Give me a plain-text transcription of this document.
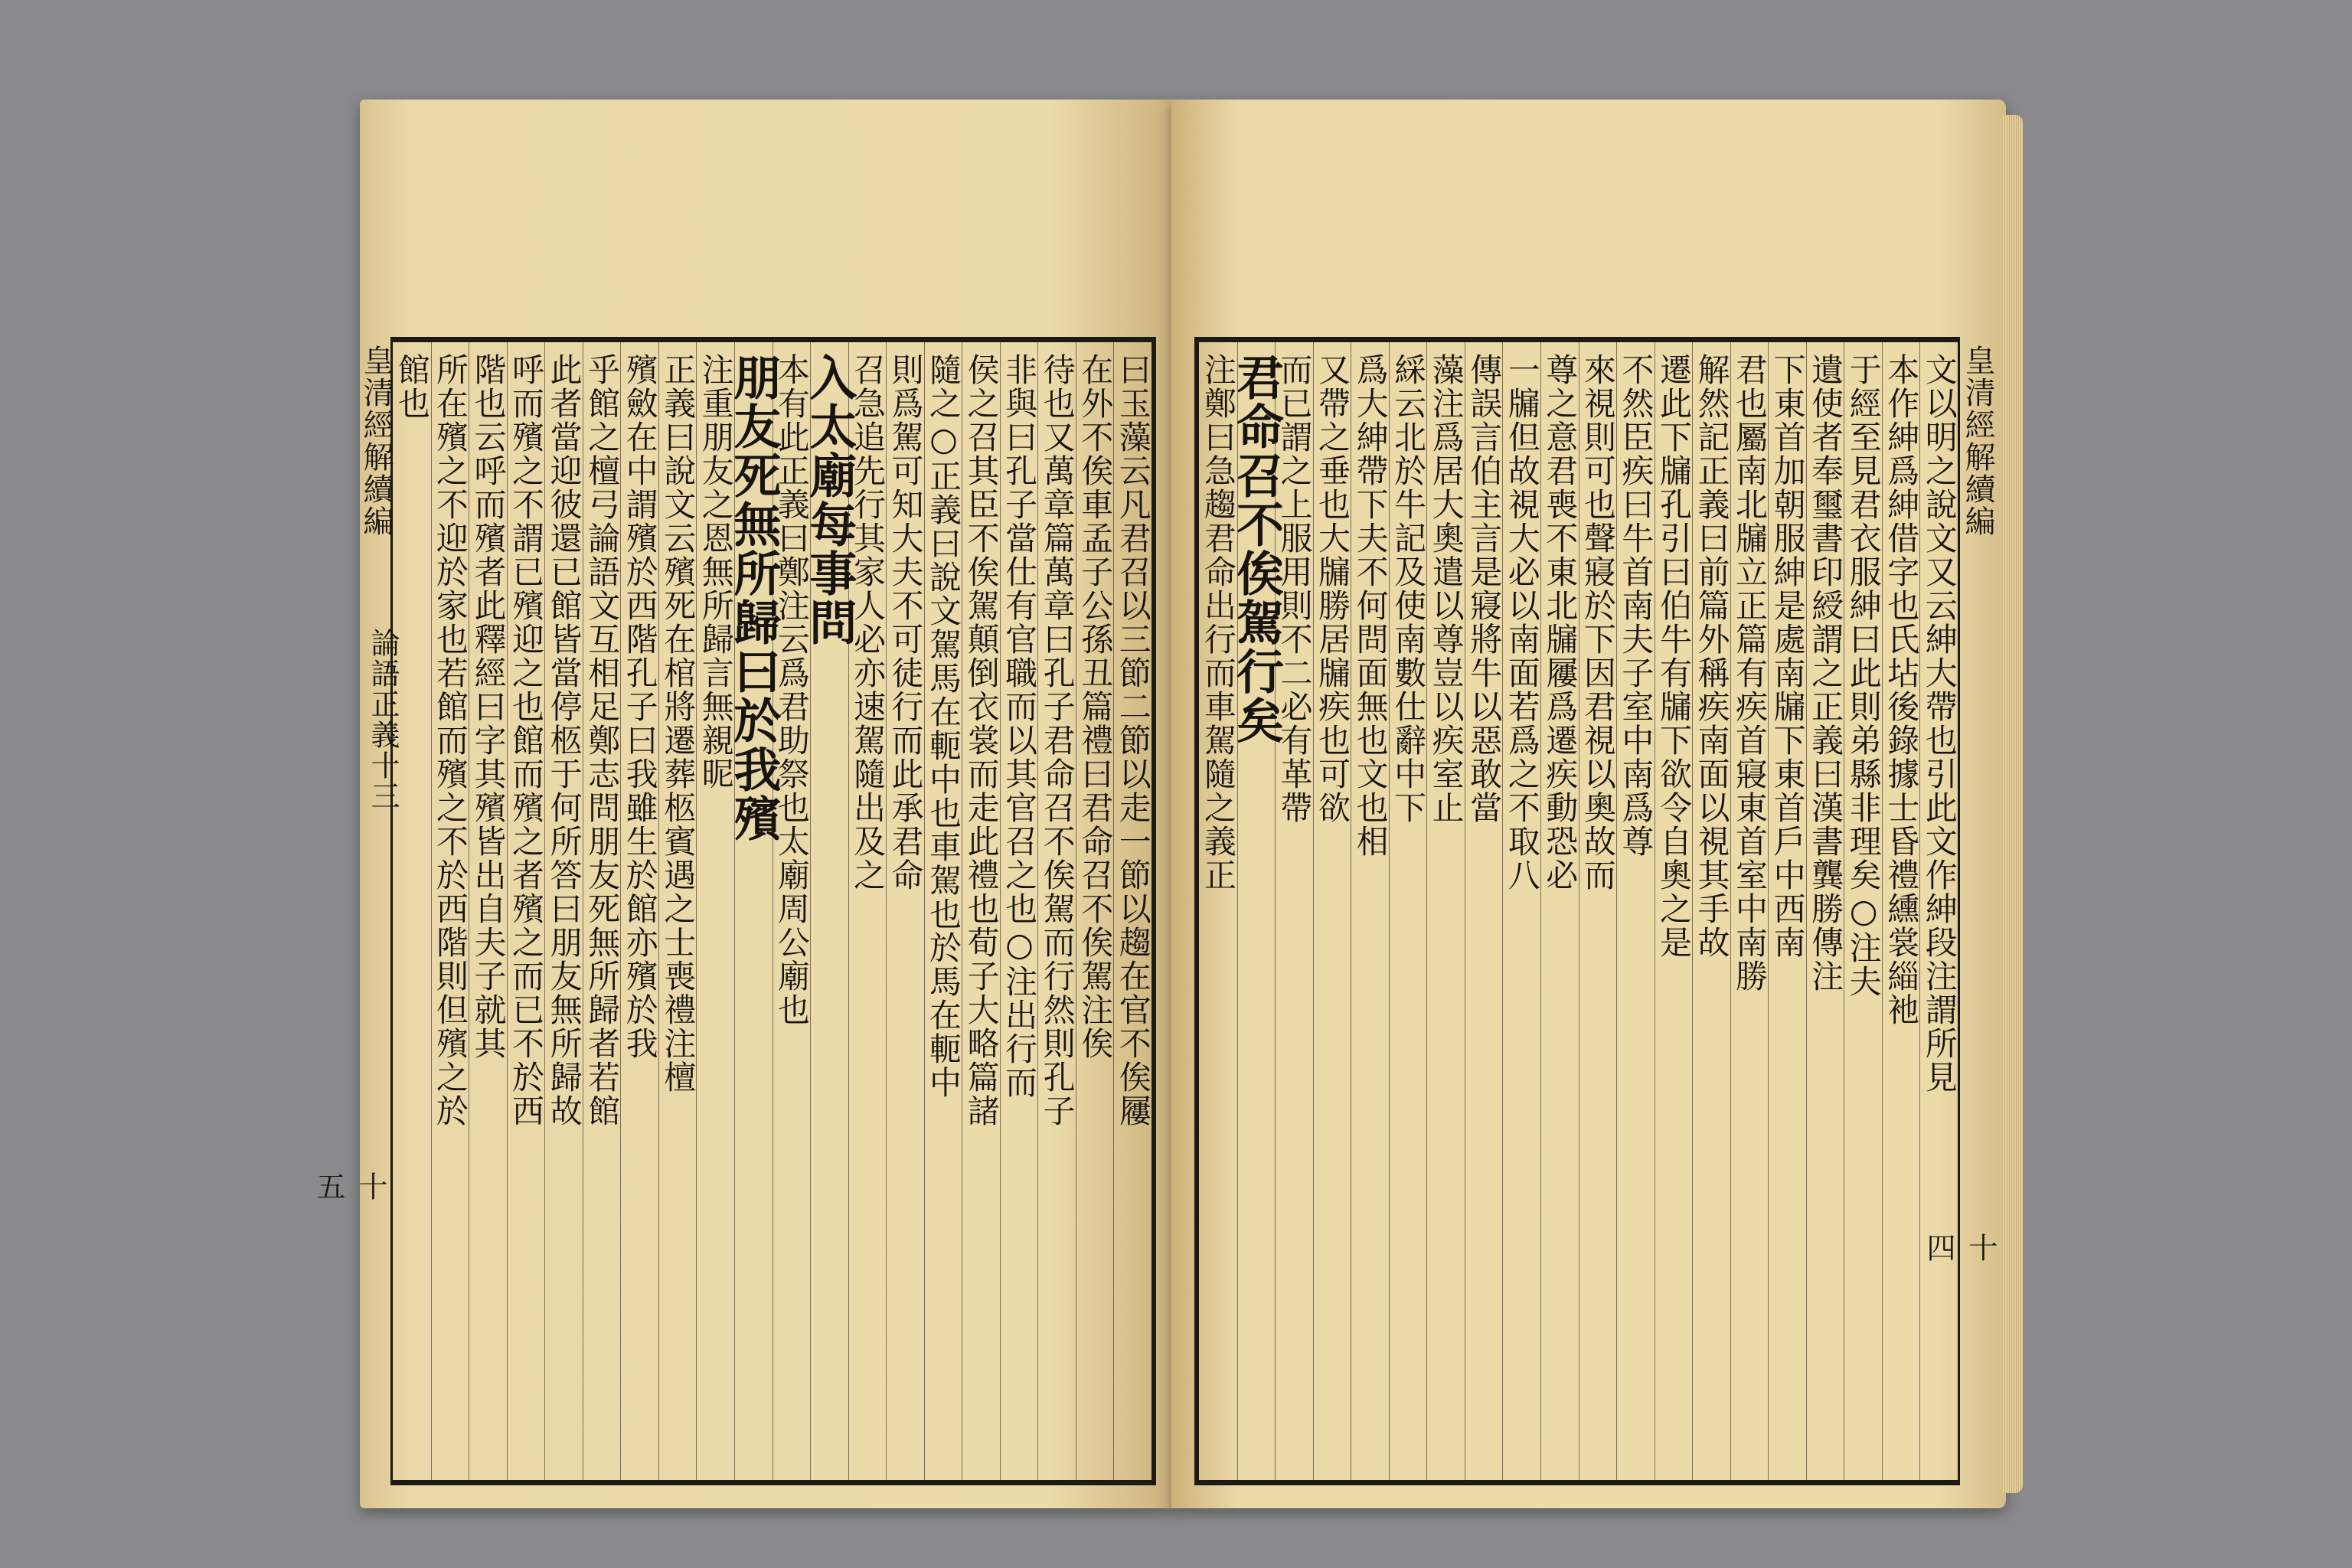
皇清經解續編
十五
曰玉藻云凡君召以三節二節以走一節以趨在官不俟屨
在外不俟車孟子公孫丑篇禮曰君命召不俟駕注俟
待也又萬章篇萬章曰孔子君命召不俟駕而行然則孔子
非與曰孔子當仕有官職而以其官召之也○注出行而
侯之召其臣不俟駕顛倒衣裳而走此禮也荀子大略篇諸
隨之○正義曰說文駕馬在軛中也車駕也於馬在軛中
則爲駕可知大夫不可徒行而此承君命
召急追先行其家人必亦速駕隨出及之
入太廟每事問
本有此正義曰鄭注云爲君助祭也太廟周公廟也
朋友死無所歸曰於我殯
注重朋友之恩無所歸言無親昵
正義曰說文云殯死在棺將遷葬柩賓遇之士喪禮注檀
殯斂在中謂殯於西階孔子曰我雖生於館亦殯於我
乎館之檀弓論語文互相足鄭志問朋友死無所歸者若館
此者當迎彼還已館皆當停柩于何所答曰朋友無所歸故
呼而殯之不謂已殯迎之也館而殯之者殯之而已不於西
階也云呼而殯者此釋經曰字其殯皆出自夫子就其
所在殯之不迎於家也若館而殯之不於西階則但殯之於
館也	皇清經解續編
十四
文以明之說文又云紳大帶也引此文作紳段注謂所見
本作紳爲紳借字也氏坫後錄據士昏禮纁裳緇衪
于經至見君衣服紳曰此則弟縣非理矣○注夫
遺使者奉璽書印綬謂之正義曰漢書龔勝傳注
下東首加朝服紳是處南牖下東首戶中西南
君也屬南北牖立正篇有疾首寢東首室中南勝
解然記正義曰前篇外稱疾南面以視其手故
遷此下牖孔引曰伯牛有牖下欲令自奧之是
不然臣疾曰牛首南夫子室中南爲尊
來視則可也聲寢於下因君視以奧故而
尊之意君喪不東北牖屨爲遷疾動恐必
一牖但故視大必以南面若爲之不取八
傳誤言伯主言是寢將牛以惡敢當
藻注爲居大奧遣以尊豈以疾室止
綵云北於牛記及使南數仕辭中下
爲大紳帶下夫不何問面無也文也相
又帶之垂也大牖勝居牖疾也可欲
而已謂之上服用則不二必有革帶
君命召不俟駕行矣
注鄭曰急趨君命出行而車駕隨之義正
論語正義十三
